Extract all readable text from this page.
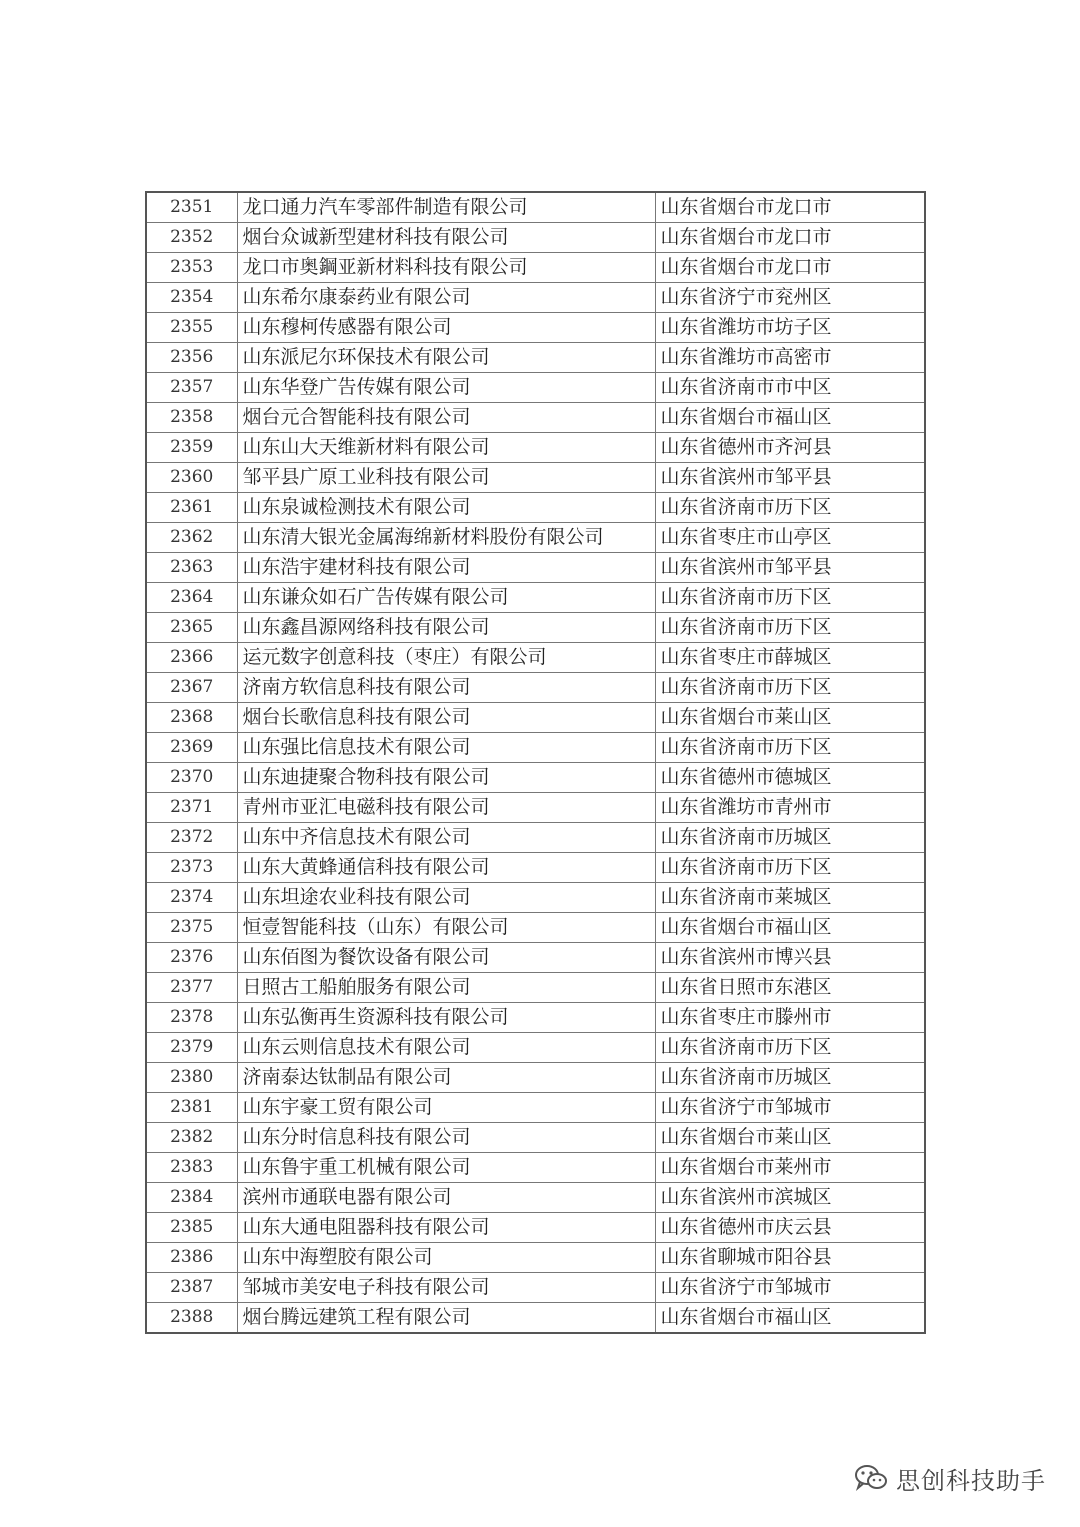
2351	龙口通力汽车零部件制造有限公司	山东省烟台市龙口市
2352	烟台众诚新型建材科技有限公司	山东省烟台市龙口市
2353	龙口市奥鋼亚新材料科技有限公司	山东省烟台市龙口市
2354	山东希尔康泰药业有限公司	山东省济宁市兖州区
2355	山东穆柯传感器有限公司	山东省潍坊市坊子区
2356	山东派尼尔环保技术有限公司	山东省潍坊市高密市
2357	山东华登广告传媒有限公司	山东省济南市市中区
2358	烟台元合智能科技有限公司	山东省烟台市福山区
2359	山东山大天维新材料有限公司	山东省德州市齐河县
2360	邹平县广原工业科技有限公司	山东省滨州市邹平县
2361	山东泉诚检测技术有限公司	山东省济南市历下区
2362	山东清大银光金属海绵新材料股份有限公司	山东省枣庄市山亭区
2363	山东浩宇建材科技有限公司	山东省滨州市邹平县
2364	山东谦众如石广告传媒有限公司	山东省济南市历下区
2365	山东鑫昌源网络科技有限公司	山东省济南市历下区
2366	运元数字创意科技（枣庄）有限公司	山东省枣庄市薛城区
2367	济南方软信息科技有限公司	山东省济南市历下区
2368	烟台长歌信息科技有限公司	山东省烟台市莱山区
2369	山东强比信息技术有限公司	山东省济南市历下区
2370	山东迪捷聚合物科技有限公司	山东省德州市德城区
2371	青州市亚汇电磁科技有限公司	山东省潍坊市青州市
2372	山东中齐信息技术有限公司	山东省济南市历城区
2373	山东大黄蜂通信科技有限公司	山东省济南市历下区
2374	山东坦途农业科技有限公司	山东省济南市莱城区
2375	恒壹智能科技（山东）有限公司	山东省烟台市福山区
2376	山东佰图为餐饮设备有限公司	山东省滨州市博兴县
2377	日照古工船舶服务有限公司	山东省日照市东港区
2378	山东弘衡再生资源科技有限公司	山东省枣庄市滕州市
2379	山东云则信息技术有限公司	山东省济南市历下区
2380	济南泰达钛制品有限公司	山东省济南市历城区
2381	山东宇豪工贸有限公司	山东省济宁市邹城市
2382	山东分时信息科技有限公司	山东省烟台市莱山区
2383	山东鲁宇重工机械有限公司	山东省烟台市莱州市
2384	滨州市通联电器有限公司	山东省滨州市滨城区
2385	山东大通电阻器科技有限公司	山东省德州市庆云县
2386	山东中海塑胶有限公司	山东省聊城市阳谷县
2387	邹城市美安电子科技有限公司	山东省济宁市邹城市
2388	烟台腾远建筑工程有限公司	山东省烟台市福山区
思创科技助手
